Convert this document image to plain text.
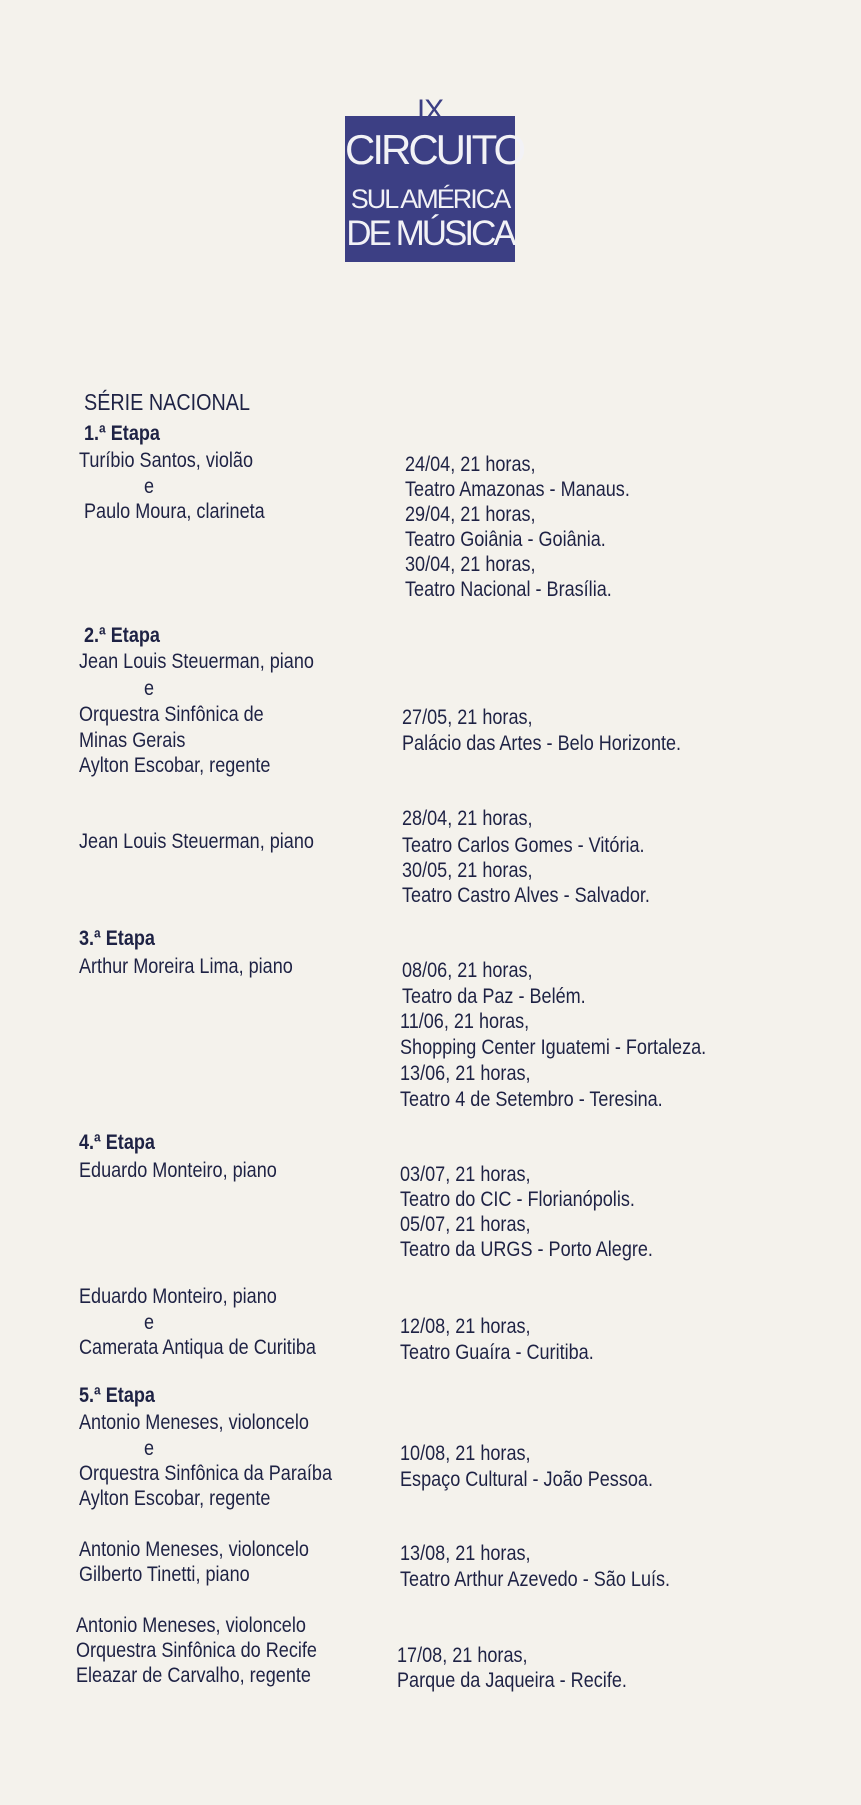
IX
CIRCUITO
SUL AMÉRICA
DE MÚSICA
SÉRIE NACIONAL
1.ª Etapa
Turíbio Santos, violão
e
Paulo Moura, clarineta
2.ª Etapa
Jean Louis Steuerman, piano
e
Orquestra Sinfônica de
Minas Gerais
Aylton Escobar, regente
Jean Louis Steuerman, piano
3.ª Etapa
Arthur Moreira Lima, piano
4.ª Etapa
Eduardo Monteiro, piano
Eduardo Monteiro, piano
e
Camerata Antiqua de Curitiba
5.ª Etapa
Antonio Meneses, violoncelo
e
Orquestra Sinfônica da Paraíba
Aylton Escobar, regente
Antonio Meneses, violoncelo
Gilberto Tinetti, piano
Antonio Meneses, violoncelo
Orquestra Sinfônica do Recife
Eleazar de Carvalho, regente
24/04, 21 horas,
Teatro Amazonas - Manaus.
29/04, 21 horas,
Teatro Goiânia - Goiânia.
30/04, 21 horas,
Teatro Nacional - Brasília.
27/05, 21 horas,
Palácio das Artes - Belo Horizonte.
28/04, 21 horas,
Teatro Carlos Gomes - Vitória.
30/05, 21 horas,
Teatro Castro Alves - Salvador.
08/06, 21 horas,
Teatro da Paz - Belém.
11/06, 21 horas,
Shopping Center Iguatemi - Fortaleza.
13/06, 21 horas,
Teatro 4 de Setembro - Teresina.
03/07, 21 horas,
Teatro do CIC - Florianópolis.
05/07, 21 horas,
Teatro da URGS - Porto Alegre.
12/08, 21 horas,
Teatro Guaíra - Curitiba.
10/08, 21 horas,
Espaço Cultural - João Pessoa.
13/08, 21 horas,
Teatro Arthur Azevedo - São Luís.
17/08, 21 horas,
Parque da Jaqueira - Recife.
